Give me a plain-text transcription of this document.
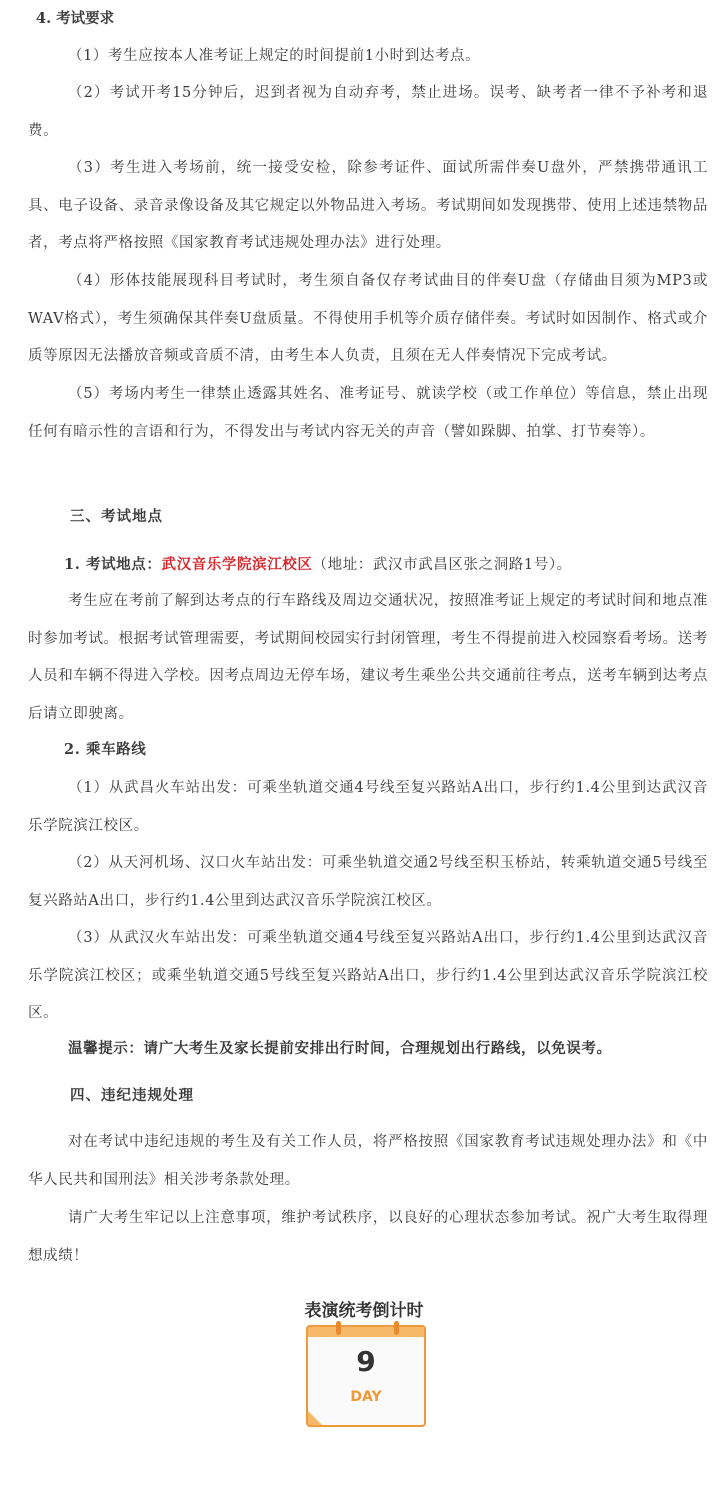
4. 考试要求

（1）考生应按本人准考证上规定的时间提前1小时到达考点。

（2）考试开考15分钟后，迟到者视为自动弃考，禁止进场。误考、缺考者一律不予补考和退费。

（3）考生进入考场前，统一接受安检，除参考证件、面试所需伴奏U盘外，严禁携带通讯工具、电子设备、录音录像设备及其它规定以外物品进入考场。考试期间如发现携带、使用上述违禁物品者，考点将严格按照《国家教育考试违规处理办法》进行处理。

（4）形体技能展现科目考试时，考生须自备仅存考试曲目的伴奏U盘（存储曲目须为MP3或WAV格式），考生须确保其伴奏U盘质量。不得使用手机等介质存储伴奏。考试时如因制作、格式或介质等原因无法播放音频或音质不清，由考生本人负责，且须在无人伴奏情况下完成考试。

（5）考场内考生一律禁止透露其姓名、准考证号、就读学校（或工作单位）等信息，禁止出现任何有暗示性的言语和行为，不得发出与考试内容无关的声音（譬如跺脚、拍掌、打节奏等）。

三、考试地点

1. 考试地点：武汉音乐学院滨江校区（地址：武汉市武昌区张之洞路1号）。

考生应在考前了解到达考点的行车路线及周边交通状况，按照准考证上规定的考试时间和地点准时参加考试。根据考试管理需要，考试期间校园实行封闭管理，考生不得提前进入校园察看考场。送考人员和车辆不得进入学校。因考点周边无停车场，建议考生乘坐公共交通前往考点，送考车辆到达考点后请立即驶离。

2. 乘车路线

（1）从武昌火车站出发：可乘坐轨道交通4号线至复兴路站A出口，步行约1.4公里到达武汉音乐学院滨江校区。

（2）从天河机场、汉口火车站出发：可乘坐轨道交通2号线至积玉桥站，转乘轨道交通5号线至复兴路站A出口，步行约1.4公里到达武汉音乐学院滨江校区。

（3）从武汉火车站出发：可乘坐轨道交通4号线至复兴路站A出口，步行约1.4公里到达武汉音乐学院滨江校区；或乘坐轨道交通5号线至复兴路站A出口，步行约1.4公里到达武汉音乐学院滨江校区。

温馨提示：请广大考生及家长提前安排出行时间，合理规划出行路线，以免误考。

四、违纪违规处理

对在考试中违纪违规的考生及有关工作人员，将严格按照《国家教育考试违规处理办法》和《中华人民共和国刑法》相关涉考条款处理。

请广大考生牢记以上注意事项，维护考试秩序，以良好的心理状态参加考试。祝广大考生取得理想成绩！

表演统考倒计时
9
DAY
